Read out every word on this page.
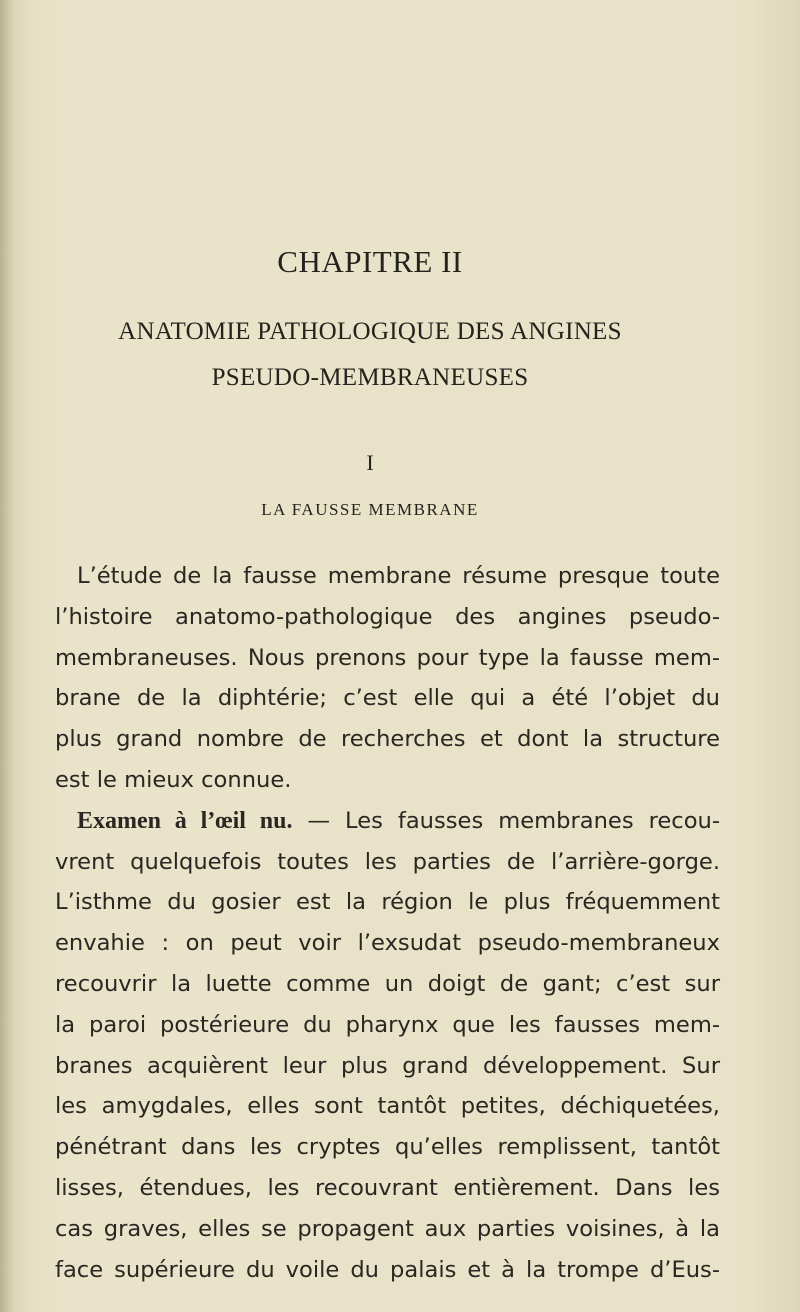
CHAPITRE II
ANATOMIE PATHOLOGIQUE DES ANGINES
PSEUDO-MEMBRANEUSES
I
LA FAUSSE MEMBRANE
L’étude de la fausse membrane résume presque toute
l’histoire anatomo-pathologique des angines pseudo-
membraneuses. Nous prenons pour type la fausse mem-
brane de la diphtérie; c’est elle qui a été l’objet du
plus grand nombre de recherches et dont la structure
est le mieux connue.
Examen à l’œil nu. — Les fausses membranes recou-
vrent quelquefois toutes les parties de l’arrière-gorge.
L’isthme du gosier est la région le plus fréquemment
envahie : on peut voir l’exsudat pseudo-membraneux
recouvrir la luette comme un doigt de gant; c’est sur
la paroi postérieure du pharynx que les fausses mem-
branes acquièrent leur plus grand développement. Sur
les amygdales, elles sont tantôt petites, déchiquetées,
pénétrant dans les cryptes qu’elles remplissent, tantôt
lisses, étendues, les recouvrant entièrement. Dans les
cas graves, elles se propagent aux parties voisines, à la
face supérieure du voile du palais et à la trompe d’Eus-
